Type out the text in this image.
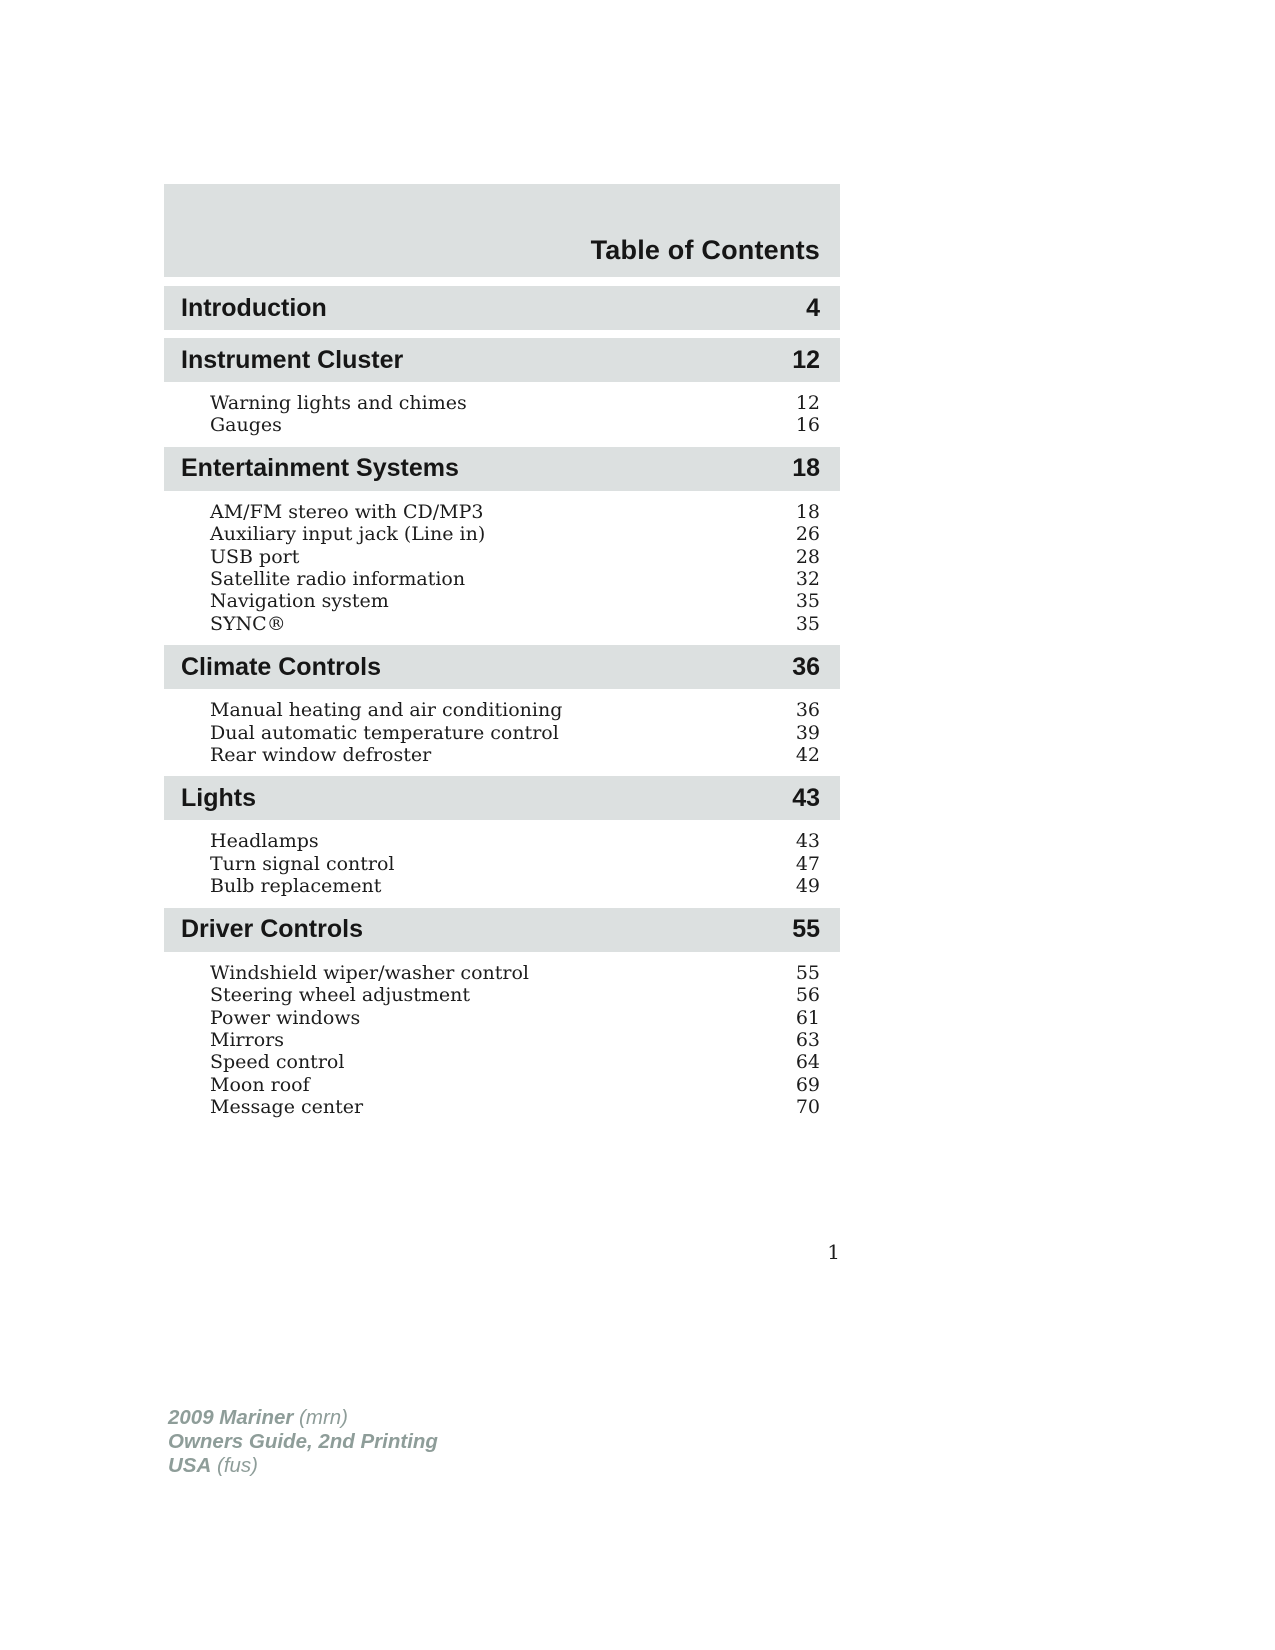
Table of Contents
Introduction	4
Instrument Cluster	12
Warning lights and chimes	12
Gauges	16
Entertainment Systems	18
AM/FM stereo with CD/MP3	18
Auxiliary input jack (Line in)	26
USB port	28
Satellite radio information	32
Navigation system	35
SYNC®	35
Climate Controls	36
Manual heating and air conditioning	36
Dual automatic temperature control	39
Rear window defroster	42
Lights	43
Headlamps	43
Turn signal control	47
Bulb replacement	49
Driver Controls	55
Windshield wiper/washer control	55
Steering wheel adjustment	56
Power windows	61
Mirrors	63
Speed control	64
Moon roof	69
Message center	70
1
2009 Mariner (mrn)
Owners Guide, 2nd Printing
USA (fus)
